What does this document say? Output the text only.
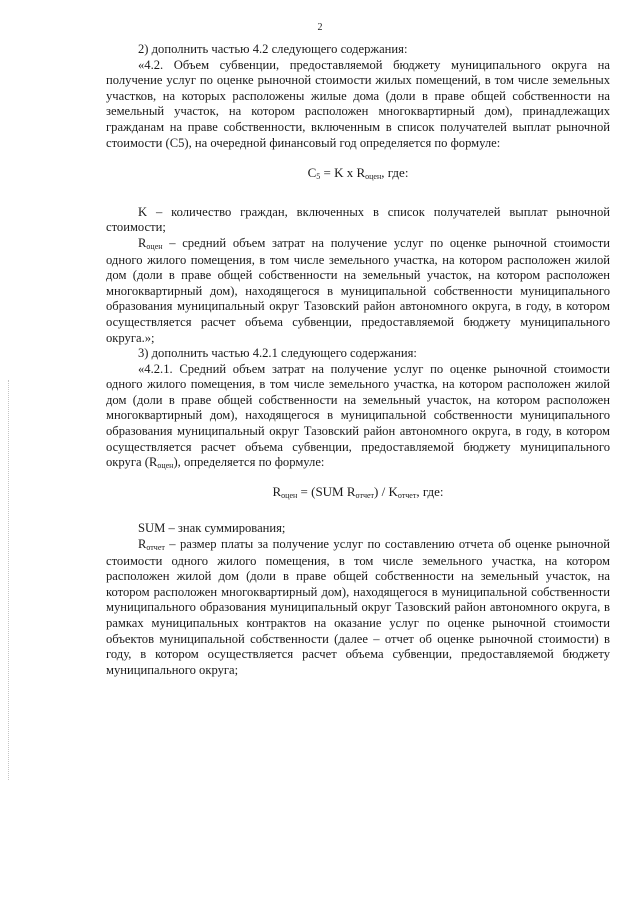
2

2) дополнить частью 4.2 следующего содержания:

«4.2. Объем субвенции, предоставляемой бюджету муниципального округа на получение услуг по оценке рыночной стоимости жилых помещений, в том числе земельных участков, на которых расположены жилые дома (доли в праве общей собственности на земельный участок, на котором расположен многоквартирный дом), принадлежащих гражданам на праве собственности, включенным в список получателей выплат рыночной стоимости (C5), на очередной финансовый год определяется по формуле:

$C_5 = K$ x $R_{оцен}$, где:

K – количество граждан, включенных в список получателей выплат рыночной стоимости;

$R_{оцен}$ – средний объем затрат на получение услуг по оценке рыночной стоимости одного жилого помещения, в том числе земельного участка, на котором расположен жилой дом (доли в праве общей собственности на земельный участок, на котором расположен многоквартирный дом), находящегося в муниципальной собственности муниципального образования муниципальный округ Тазовский район автономного округа, в году, в котором осуществляется расчет объема субвенции, предоставляемой бюджету муниципального округа.»;

3) дополнить частью 4.2.1 следующего содержания:

«4.2.1. Средний объем затрат на получение услуг по оценке рыночной стоимости одного жилого помещения, в том числе земельного участка, на котором расположен жилой дом (доли в праве общей собственности на земельный участок, на котором расположен многоквартирный дом), находящегося в муниципальной собственности муниципального образования муниципальный округ Тазовский район автономного округа, в году, в котором осуществляется расчет объема субвенции, предоставляемой бюджету муниципального округа $(R_{оцен})$, определяется по формуле:

$R_{оцен} = (SUM$ $R_{отчет}) / K_{отчет}$, где:

SUM – знак суммирования;

$R_{отчет}$ – размер платы за получение услуг по составлению отчета об оценке рыночной стоимости одного жилого помещения, в том числе земельного участка, на котором расположен жилой дом (доли в праве общей собственности на земельный участок, на котором расположен многоквартирный дом), находящегося в муниципальной собственности муниципального образования муниципальный округ Тазовский район автономного округа, в рамках муниципальных контрактов на оказание услуг по оценке рыночной стоимости объектов муниципальной собственности (далее – отчет об оценке рыночной стоимости) в году, в котором осуществляется расчет объема субвенции, предоставляемой бюджету муниципального округа;
